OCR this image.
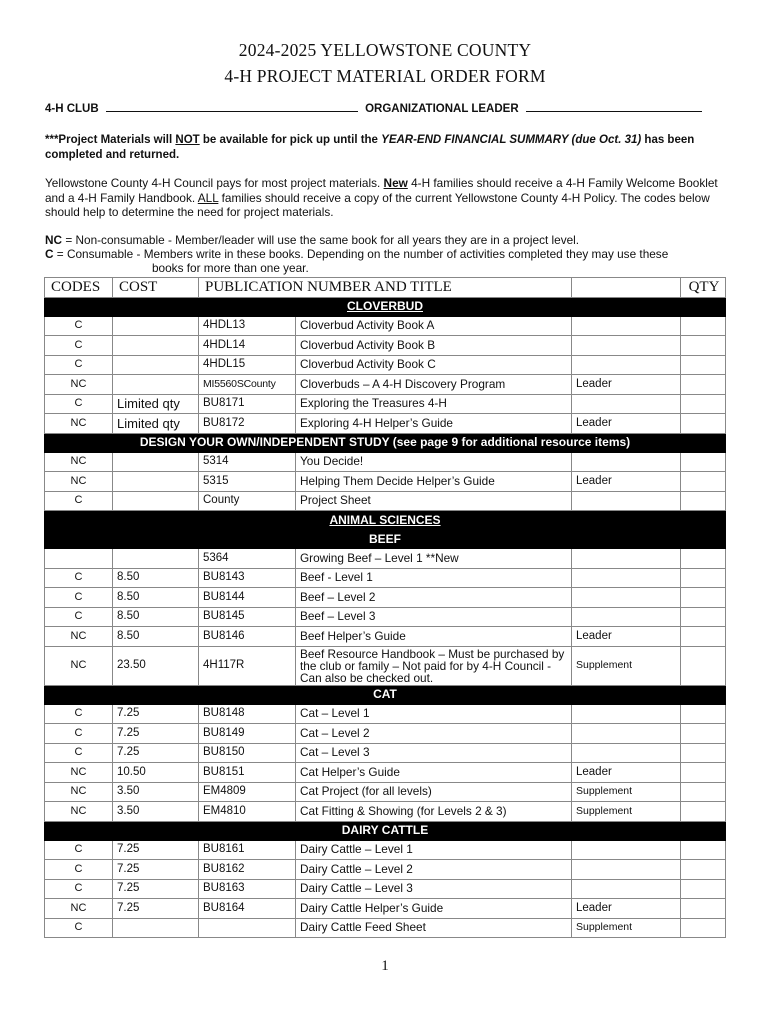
2024-2025 YELLOWSTONE COUNTY
4-H PROJECT MATERIAL ORDER FORM
4-H CLUB	ORGANIZATIONAL LEADER
***Project Materials will NOT be available for pick up until the YEAR-END FINANCIAL SUMMARY (due Oct. 31) has been completed and returned.
Yellowstone County 4-H Council pays for most project materials. New 4-H families should receive a 4-H Family Welcome Booklet and a 4-H Family Handbook. ALL families should receive a copy of the current Yellowstone County 4-H Policy. The codes below should help to determine the need for project materials.
NC = Non-consumable - Member/leader will use the same book for all years they are in a project level.
C = Consumable - Members write in these books. Depending on the number of activities completed they may use these
books for more than one year.
CODES	COST	PUBLICATION NUMBER AND TITLE			QTY
CLOVERBUD					
C		4HDL13	Cloverbud Activity Book A		
C		4HDL14	Cloverbud Activity Book B		
C		4HDL15	Cloverbud Activity Book C		
NC		MI5560SCounty	Cloverbuds – A 4-H Discovery Program	Leader	
C	Limited qty	BU8171	Exploring the Treasures 4-H		
NC	Limited qty	BU8172	Exploring 4-H Helper’s Guide	Leader	
DESIGN YOUR OWN/INDEPENDENT STUDY (see page 9 for additional resource items)					
NC		5314	You Decide!		
NC		5315	Helping Them Decide Helper’s Guide	Leader	
C		County	Project Sheet		
ANIMAL SCIENCES					
BEEF					
		5364	Growing Beef – Level 1 **New		
C	8.50	BU8143	Beef - Level 1		
C	8.50	BU8144	Beef – Level 2		
C	8.50	BU8145	Beef – Level 3		
NC	8.50	BU8146	Beef Helper’s Guide	Leader	
NC	23.50	4H117R	Beef Resource Handbook – Must be purchased by the club or family – Not paid for by 4-H Council - Can also be checked out.	Supplement	
CAT					
C	7.25	BU8148	Cat – Level 1		
C	7.25	BU8149	Cat – Level 2		
C	7.25	BU8150	Cat – Level 3		
NC	10.50	BU8151	Cat Helper’s Guide	Leader	
NC	3.50	EM4809	Cat Project (for all levels)	Supplement	
NC	3.50	EM4810	Cat Fitting & Showing (for Levels 2 & 3)	Supplement	
DAIRY CATTLE					
C	7.25	BU8161	Dairy Cattle – Level 1		
C	7.25	BU8162	Dairy Cattle – Level 2		
C	7.25	BU8163	Dairy Cattle – Level 3		
NC	7.25	BU8164	Dairy Cattle Helper’s Guide	Leader	
C			Dairy Cattle Feed Sheet	Supplement	
1
